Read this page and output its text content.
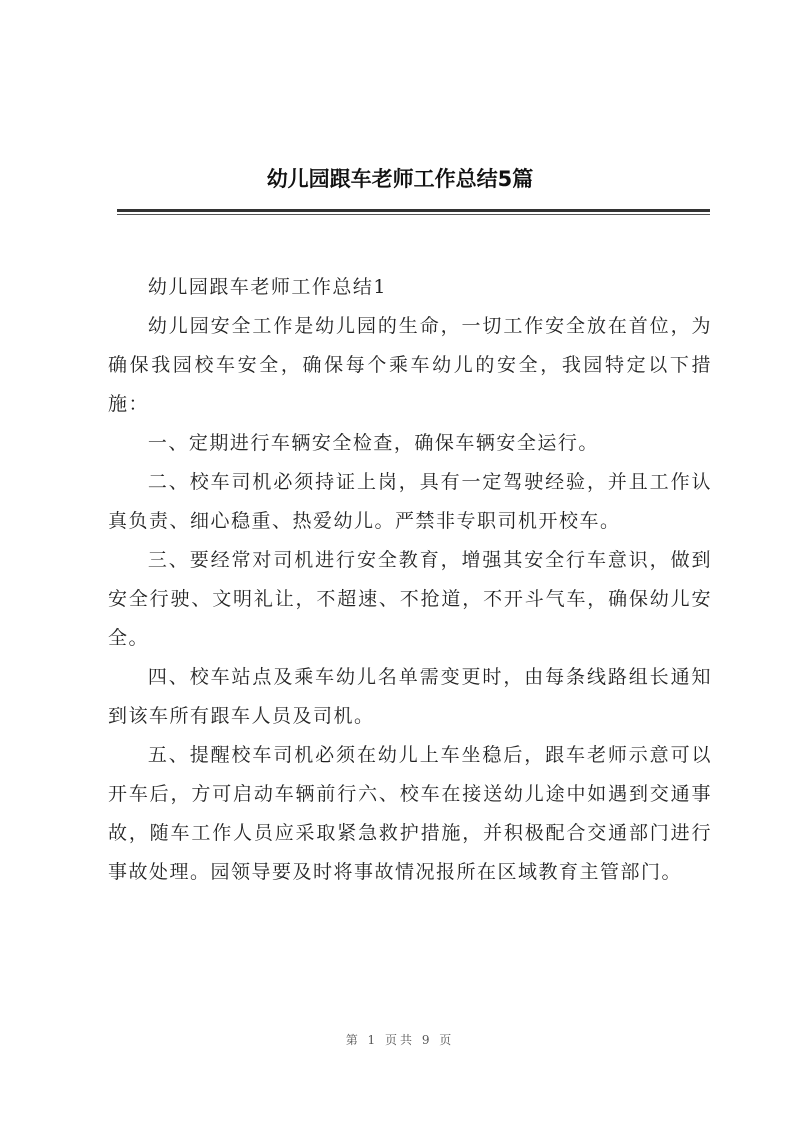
幼儿园跟车老师工作总结5篇

幼儿园跟车老师工作总结1

幼儿园安全工作是幼儿园的生命，一切工作安全放在首位，为确保我园校车安全，确保每个乘车幼儿的安全，我园特定以下措施：

一、定期进行车辆安全检查，确保车辆安全运行。

二、校车司机必须持证上岗，具有一定驾驶经验，并且工作认真负责、细心稳重、热爱幼儿。严禁非专职司机开校车。

三、要经常对司机进行安全教育，增强其安全行车意识，做到安全行驶、文明礼让，不超速、不抢道，不开斗气车，确保幼儿安全。

四、校车站点及乘车幼儿名单需变更时，由每条线路组长通知到该车所有跟车人员及司机。

五、提醒校车司机必须在幼儿上车坐稳后，跟车老师示意可以开车后，方可启动车辆前行六、校车在接送幼儿途中如遇到交通事故，随车工作人员应采取紧急救护措施，并积极配合交通部门进行事故处理。园领导要及时将事故情况报所在区域教育主管部门。

第 1 页共 9 页
